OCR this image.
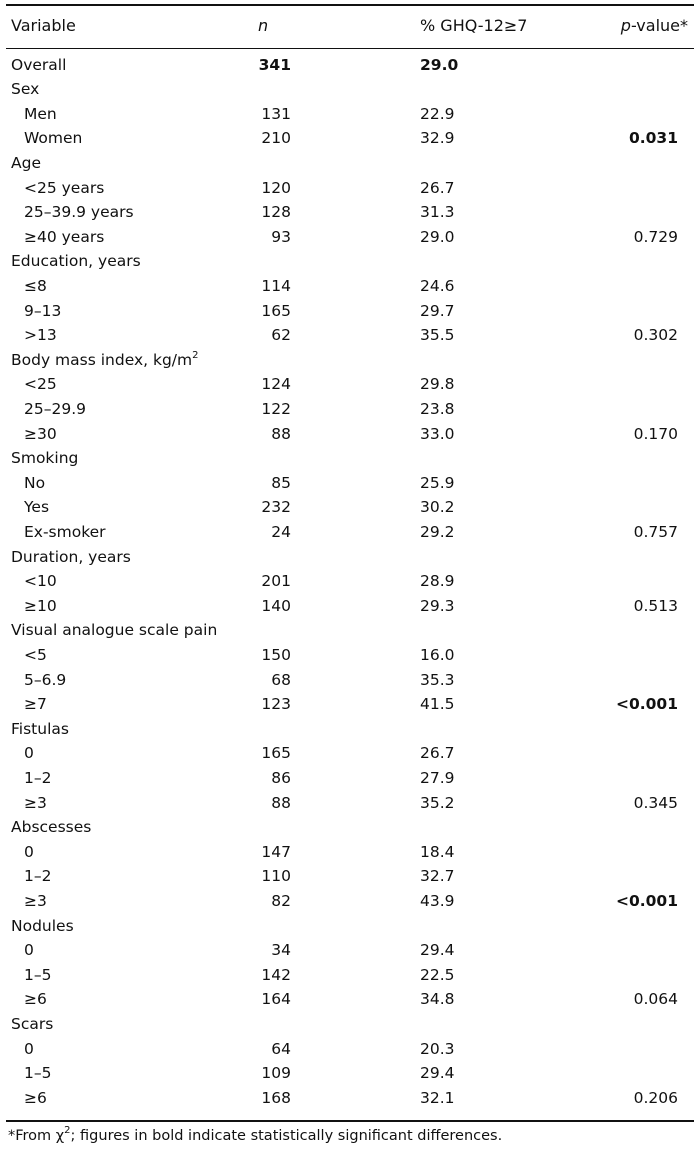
Variable	n	% GHQ-12≥7	p-value*
Overall	341	29.0
Sex
Men	131	22.9
Women	210	32.9	0.031
Age
<25 years	120	26.7
25–39.9 years	128	31.3
≥40 years	93	29.0	0.729
Education, years
≤8	114	24.6
9–13	165	29.7
>13	62	35.5	0.302
Body mass index, $kg/m^2$
<25	124	29.8
25–29.9	122	23.8
≥30	88	33.0	0.170
Smoking
No	85	25.9
Yes	232	30.2
Ex-smoker	24	29.2	0.757
Duration, years
<10	201	28.9
≥10	140	29.3	0.513
Visual analogue scale pain
<5	150	16.0
5–6.9	68	35.3
≥7	123	41.5	<0.001
Fistulas
0	165	26.7
1–2	86	27.9
≥3	88	35.2	0.345
Abscesses
0	147	18.4
1–2	110	32.7
≥3	82	43.9	<0.001
Nodules
0	34	29.4
1–5	142	22.5
≥6	164	34.8	0.064
Scars
0	64	20.3
1–5	109	29.4
≥6	168	32.1	0.206
*From $\chi^2$; figures in bold indicate statistically significant differences.
